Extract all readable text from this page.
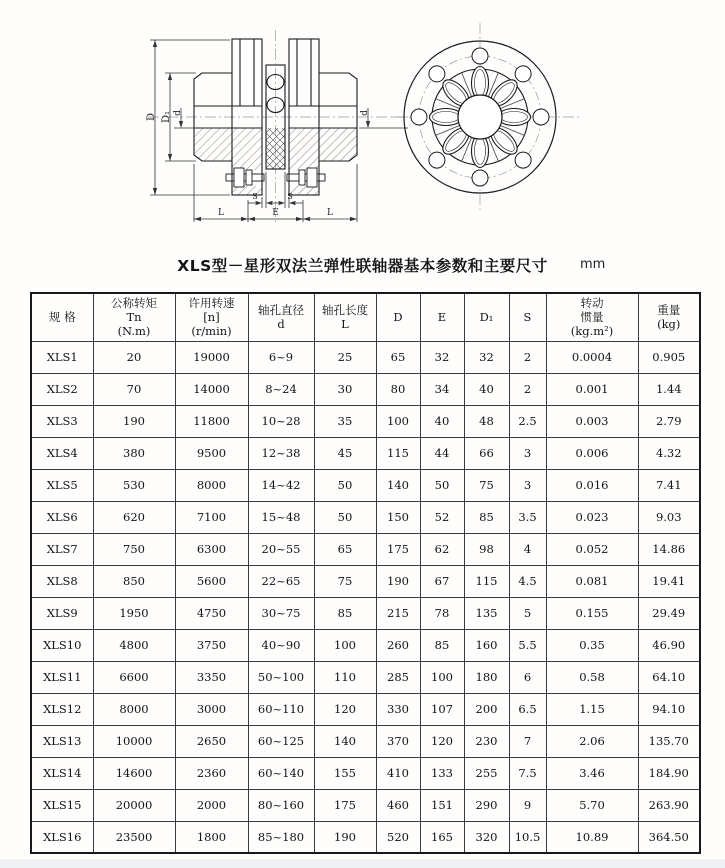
D D₁ d	d
S	S
L	E	L
XLS型－星形双法兰弹性联轴器基本参数和主要尺寸	mm
规 格

公称转矩
Tn
(N.m)

许用转速
[n]
(r/min)

轴孔直径
d

轴孔长度
L

D	E	D₁	S

转动
惯量
(kg.m²)

重量
(kg)

XLS1	20	19000	6~9	25	65	32	32	2	0.0004	0.905
XLS2	70	14000	8~24	30	80	34	40	2	0.001	1.44
XLS3	190	11800	10~28	35	100	40	48	2.5	0.003	2.79
XLS4	380	9500	12~38	45	115	44	66	3	0.006	4.32
XLS5	530	8000	14~42	50	140	50	75	3	0.016	7.41
XLS6	620	7100	15~48	50	150	52	85	3.5	0.023	9.03
XLS7	750	6300	20~55	65	175	62	98	4	0.052	14.86
XLS8	850	5600	22~65	75	190	67	115	4.5	0.081	19.41
XLS9	1950	4750	30~75	85	215	78	135	5	0.155	29.49
XLS10	4800	3750	40~90	100	260	85	160	5.5	0.35	46.90
XLS11	6600	3350	50~100	110	285	100	180	6	0.58	64.10
XLS12	8000	3000	60~110	120	330	107	200	6.5	1.15	94.10
XLS13	10000	2650	60~125	140	370	120	230	7	2.06	135.70
XLS14	14600	2360	60~140	155	410	133	255	7.5	3.46	184.90
XLS15	20000	2000	80~160	175	460	151	290	9	5.70	263.90
XLS16	23500	1800	85~180	190	520	165	320	10.5	10.89	364.50
